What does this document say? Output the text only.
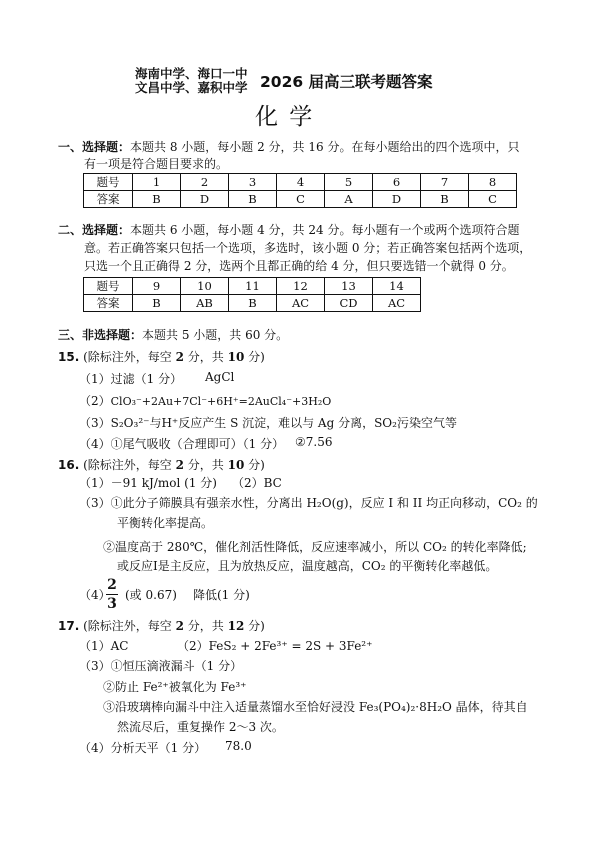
海南中学、海口一中
文昌中学、嘉积中学 2026 届高三联考题答案
化 学
一、选择题：本题共 8 小题，每小题 2 分，共 16 分。在每小题给出的四个选项中，只
有一项是符合题目要求的。
题号	1	2	3	4	5	6	7	8
答案	B	D	B	C	A	D	B	C
二、选择题：本题共 6 小题，每小题 4 分，共 24 分。每小题有一个或两个选项符合题
意。若正确答案只包括一个选项，多选时，该小题 0 分；若正确答案包括两个选项，
只选一个且正确得 2 分，选两个且都正确的给 4 分，但只要选错一个就得 0 分。
题号	9	10	11	12	13	14
答案	B	AB	B	AC	CD	AC
三、非选择题：本题共 5 小题，共 60 分。
15. (除标注外，每空 2 分，共 10 分)
（1）过滤（1 分） AgCl
（2）ClO₃⁻+2Au+7Cl⁻+6H⁺=2AuCl₄⁻+3H₂O
（3）S₂O₃²⁻与H⁺反应产生 S 沉淀，难以与 Ag 分离，SO₂污染空气等
（4）①尾气吸收（合理即可）（1 分） ②7.56
16. (除标注外，每空 2 分，共 10 分)
（1）－91 kJ/mol (1 分) （2）BC
（3）①此分子筛膜具有强亲水性，分离出 H₂O(g)，反应 I 和 II 均正向移动，CO₂ 的
平衡转化率提高。
②温度高于 280℃，催化剂活性降低，反应速率减小，所以 CO₂ 的转化率降低;
或反应Ⅰ是主反应，且为放热反应，温度越高，CO₂ 的平衡转化率越低。
（4）
2
3
(或 0.67) 降低(1 分)
17. (除标注外，每空 2 分，共 12 分)
（1）AC	（2）FeS₂ + 2Fe³⁺ = 2S + 3Fe²⁺
（3）①恒压滴液漏斗（1 分）
②防止 Fe²⁺被氧化为 Fe³⁺
③沿玻璃棒向漏斗中注入适量蒸馏水至恰好浸没 Fe₃(PO₄)₂·8H₂O 晶体，待其自
然流尽后，重复操作 2～3 次。
（4）分析天平（1 分） 78.0
